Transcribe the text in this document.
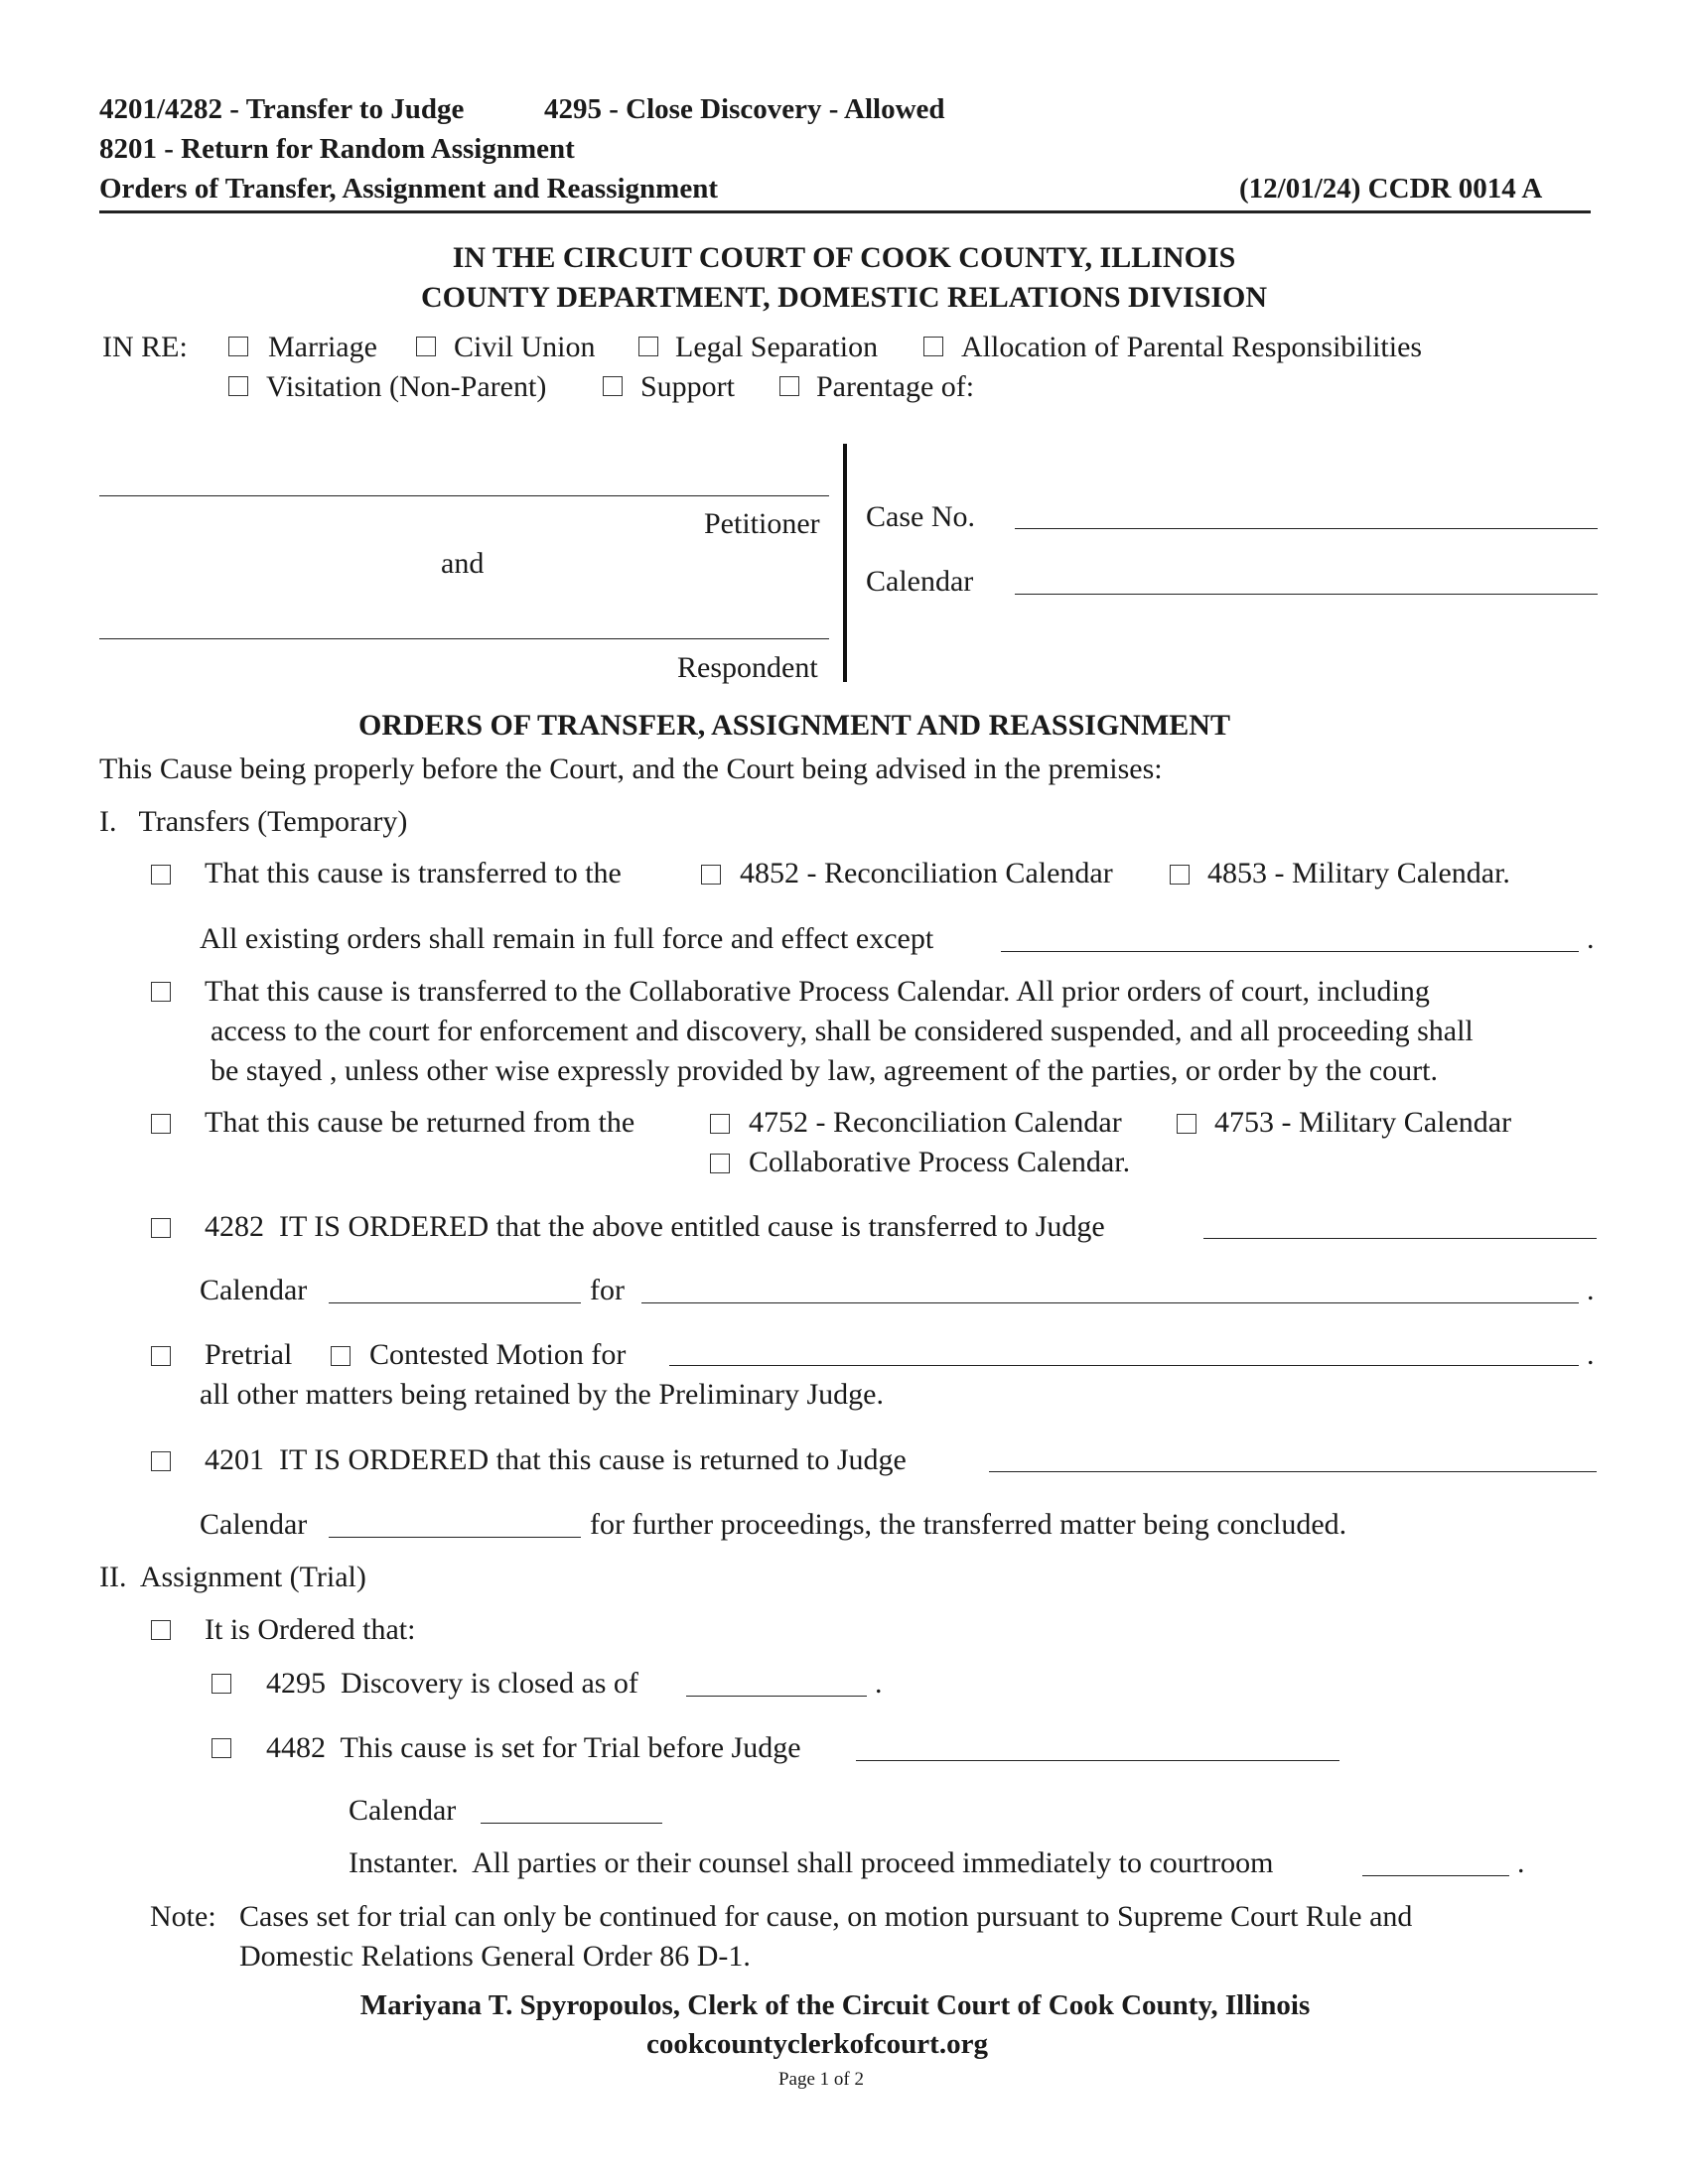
4201/4282 - Transfer to Judge	4295 - Close Discovery - Allowed
8201 - Return for Random Assignment
Orders of Transfer, Assignment and Reassignment	(12/01/24) CCDR 0014 A
IN THE CIRCUIT COURT OF COOK COUNTY, ILLINOIS
COUNTY DEPARTMENT, DOMESTIC RELATIONS DIVISION
IN RE:	Marriage	Civil Union	Legal Separation	Allocation of Parental Responsibilities
Visitation (Non-Parent)	Support	Parentage of:
Petitioner
and
Respondent
Case No.
Calendar
ORDERS OF TRANSFER, ASSIGNMENT AND REASSIGNMENT
This Cause being properly before the Court, and the Court being advised in the premises:
I.   Transfers (Temporary)
That this cause is transferred to the	4852 - Reconciliation Calendar	4853 - Military Calendar.
All existing orders shall remain in full force and effect except	.
That this cause is transferred to the Collaborative Process Calendar. All prior orders of court, including
access to the court for enforcement and discovery, shall be considered suspended, and all proceeding shall
be stayed , unless other wise expressly provided by law, agreement of the parties, or order by the court.
That this cause be returned from the	4752 - Reconciliation Calendar	4753 - Military Calendar
Collaborative Process Calendar.
4282  IT IS ORDERED that the above entitled cause is transferred to Judge
Calendar	for	.
Pretrial	Contested Motion for	.
all other matters being retained by the Preliminary Judge.
4201  IT IS ORDERED that this cause is returned to Judge
Calendar	for further proceedings, the transferred matter being concluded.
II.  Assignment (Trial)
It is Ordered that:
4295  Discovery is closed as of	.
4482  This cause is set for Trial before Judge
Calendar
Instanter.  All parties or their counsel shall proceed immediately to courtroom	.
Note: Cases set for trial can only be continued for cause, on motion pursuant to Supreme Court Rule and
Domestic Relations General Order 86 D-1.
Mariyana T. Spyropoulos, Clerk of the Circuit Court of Cook County, Illinois
cookcountyclerkofcourt.org
Page 1 of 2
